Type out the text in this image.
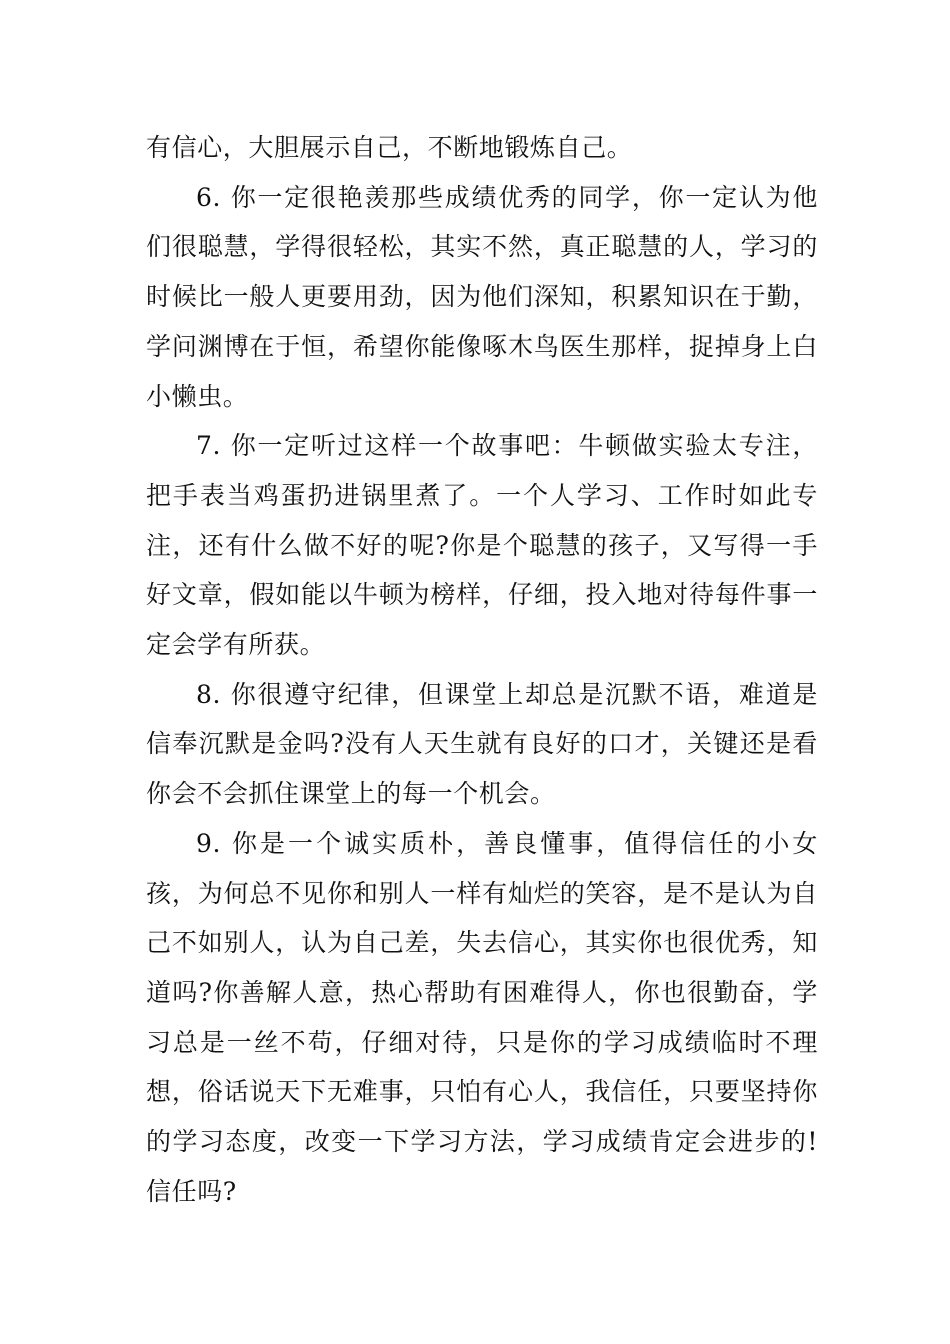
有信心，大胆展示自己，不断地锻炼自己。

6. 你一定很艳羡那些成绩优秀的同学，你一定认为他们很聪慧，学得很轻松，其实不然，真正聪慧的人，学习的时候比一般人更要用劲，因为他们深知，积累知识在于勤，学问渊博在于恒，希望你能像啄木鸟医生那样，捉掉身上白小懒虫。

7. 你一定听过这样一个故事吧：牛顿做实验太专注，把手表当鸡蛋扔进锅里煮了。一个人学习、工作时如此专注，还有什么做不好的呢?你是个聪慧的孩子，又写得一手好文章，假如能以牛顿为榜样，仔细，投入地对待每件事一定会学有所获。

8. 你很遵守纪律，但课堂上却总是沉默不语，难道是信奉沉默是金吗?没有人天生就有良好的口才，关键还是看你会不会抓住课堂上的每一个机会。

9. 你是一个诚实质朴，善良懂事，值得信任的小女孩，为何总不见你和别人一样有灿烂的笑容，是不是认为自己不如别人，认为自己差，失去信心，其实你也很优秀，知道吗?你善解人意，热心帮助有困难得人，你也很勤奋，学习总是一丝不苟，仔细对待，只是你的学习成绩临时不理想，俗话说天下无难事，只怕有心人，我信任，只要坚持你的学习态度，改变一下学习方法，学习成绩肯定会进步的!信任吗?
